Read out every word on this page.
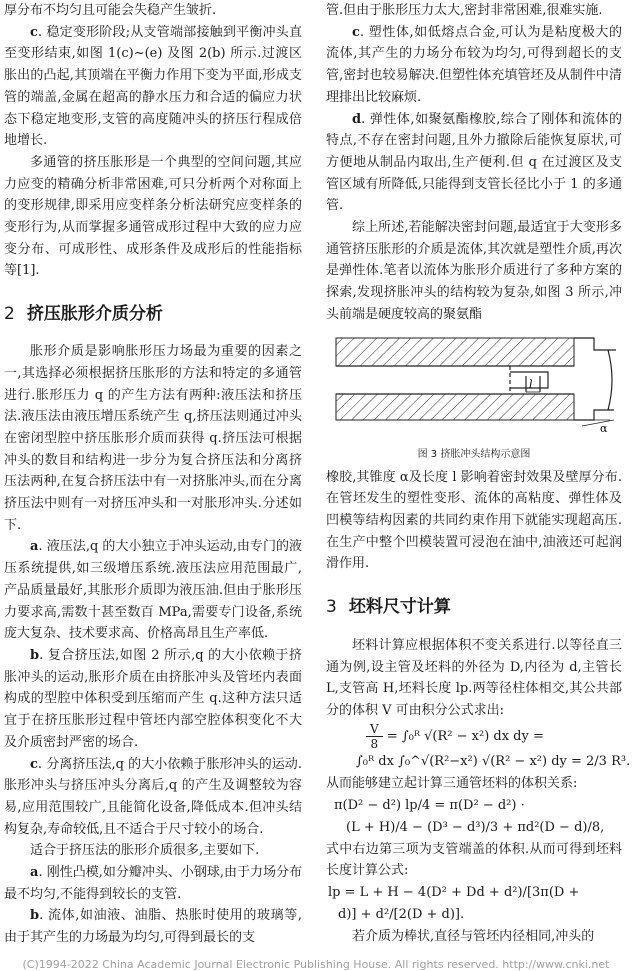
厚分布不均匀且可能会失稳产生皱折.

c. 稳定变形阶段;从支管端部接触到平衡冲头直至变形结束,如图 1(c)~(e) 及图 2(b) 所示.过渡区胀出的凸起,其顶端在平衡力作用下变为平面,形成支管的端盖,金属在超高的静水压力和合适的偏应力状态下稳定地变形,支管的高度随冲头的挤压行程成倍地增长.

多通管的挤压胀形是一个典型的空间问题,其应力应变的精确分析非常困难,可只分析两个对称面上的变形规律,即采用应变样条分析法研究应变样条的变形行为,从而掌握多通管成形过程中大致的应力应变分布、可成形性、成形条件及成形后的性能指标等[1].

2 挤压胀形介质分析

胀形介质是影响胀形压力场最为重要的因素之一,其选择必须根据挤压胀形的方法和特定的多通管进行.胀形压力 q 的产生方法有两种:液压法和挤压法.液压法由液压增压系统产生 q,挤压法则通过冲头在密闭型腔中挤压胀形介质而获得 q.挤压法可根据冲头的数目和结构进一步分为复合挤压法和分离挤压法两种,在复合挤压法中有一对挤胀冲头,而在分离挤压法中则有一对挤压冲头和一对胀形冲头.分述如下.

a. 液压法,q 的大小独立于冲头运动,由专门的液压系统提供,如三级增压系统.液压法应用范围最广,产品质量最好,其胀形介质即为液压油.但由于胀形压力要求高,需数十甚至数百 MPa,需要专门设备,系统庞大复杂、技术要求高、价格高昂且生产率低.

b. 复合挤压法,如图 2 所示,q 的大小依赖于挤胀冲头的运动,胀形介质在由挤胀冲头及管坯内表面构成的型腔中体积受到压缩而产生 q.这种方法只适宜于在挤压胀形过程中管坯内部空腔体积变化不大及介质密封严密的场合.

c. 分离挤压法,q 的大小依赖于胀形冲头的运动.胀形冲头与挤压冲头分离后,q 的产生及调整较为容易,应用范围较广,且能简化设备,降低成本.但冲头结构复杂,寿命较低,且不适合于尺寸较小的场合.

适合于挤压法的胀形介质很多,主要如下.

a. 刚性凸模,如分瓣冲头、小钢球,由于力场分布最不均匀,不能得到较长的支管.

b. 流体,如油液、油脂、热胀时使用的玻璃等,由于其产生的力场最为均匀,可得到最长的支

管.但由于胀形压力太大,密封非常困难,很难实施.

c. 塑性体,如低熔点合金,可认为是粘度极大的流体,其产生的力场分布较为均匀,可得到超长的支管,密封也较易解决.但塑性体充填管坯及从制件中清理排出比较麻烦.

d. 弹性体,如聚氨酯橡胶,综合了刚体和流体的特点,不存在密封问题,且外力撤除后能恢复原状,可方便地从制品内取出,生产便利.但 q 在过渡区及支管区域有所降低,只能得到支管长径比小于 1 的多通管.

综上所述,若能解决密封问题,最适宜于大变形多通管挤压胀形的介质是流体,其次就是塑性介质,再次是弹性体.笔者以流体为胀形介质进行了多种方案的探索,发现挤胀冲头的结构较为复杂,如图 3 所示,冲头前端是硬度较高的聚氨酯

l
α
图 3 挤胀冲头结构示意图

橡胶,其锥度 α及长度 l 影响着密封效果及壁厚分布.在管坯发生的塑性变形、流体的高粘度、弹性体及凹模等结构因素的共同约束作用下就能实现超高压.在生产中整个凹模装置可浸泡在油中,油液还可起润滑作用.

3 坯料尺寸计算

坯料计算应根据体积不变关系进行.以等径直三通为例,设主管及坯料的外径为 D,内径为 d,主管长 L,支管高 H,坯料长度 lp.两等径柱体相交,其公共部分的体积 V 可由积分公式求出:

$\frac{V}{8}$ = ∫₀ᴿ √(R² − x²) dx dy =
∫₀ᴿ dx ∫₀^√(R²−x²) √(R² − x²) dy = 2/3 R³.

从而能够建立起计算三通管坯料的体积关系:

π(D² − d²) lp/4 = π(D² − d²) ·
(L + H)/4 − (D³ − d³)/3 + πd²(D − d)/8,

式中右边第三项为支管端盖的体积.从而可得到坯料长度计算公式:

lp = L + H − 4(D² + Dd + d²)/[3π(D +
d)] + d²/[2(D + d)].

若介质为棒状,直径与管坯内径相同,冲头的

(C)1994-2022 China Academic Journal Electronic Publishing House. All rights reserved. http://www.cnki.net
